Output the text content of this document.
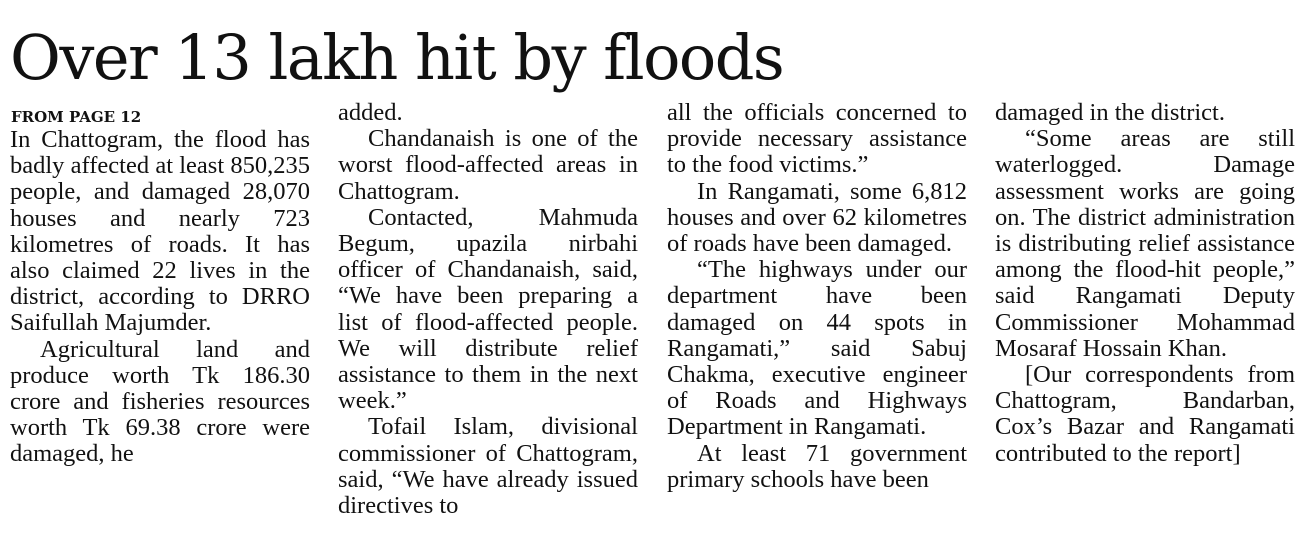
Over 13 lakh hit by floods
FROM PAGE 12

In Chattogram, the flood has badly affected at least 850,235 people, and damaged 28,070 houses and nearly 723 kilometres of roads. It has also claimed 22 lives in the district, according to DRRO Saifullah Majumder.

Agricultural land and produce worth Tk 186.30 crore and fisheries resources worth Tk 69.38 crore were damaged, he

added.

Chandanaish is one of the worst flood-affected areas in Chattogram.

Contacted, Mahmuda Begum, upazila nirbahi officer of Chandanaish, said, “We have been preparing a list of flood-affected people. We will distribute relief assistance to them in the next week.”

Tofail Islam, divisional commissioner of Chattogram, said, “We have already issued directives to

all the officials concerned to provide necessary assistance to the food victims.”

In Rangamati, some 6,812 houses and over 62 kilometres of roads have been damaged.

“The highways under our department have been damaged on 44 spots in Rangamati,” said Sabuj Chakma, executive engineer of Roads and Highways Department in Rangamati.

At least 71 government primary schools have been

damaged in the district.

“Some areas are still waterlogged. Damage assessment works are going on. The district administration is distributing relief assistance among the flood-hit people,” said Rangamati Deputy Commissioner Mohammad Mosaraf Hossain Khan.

[Our correspondents from Chattogram, Bandarban, Cox’s Bazar and Rangamati contributed to the report]
